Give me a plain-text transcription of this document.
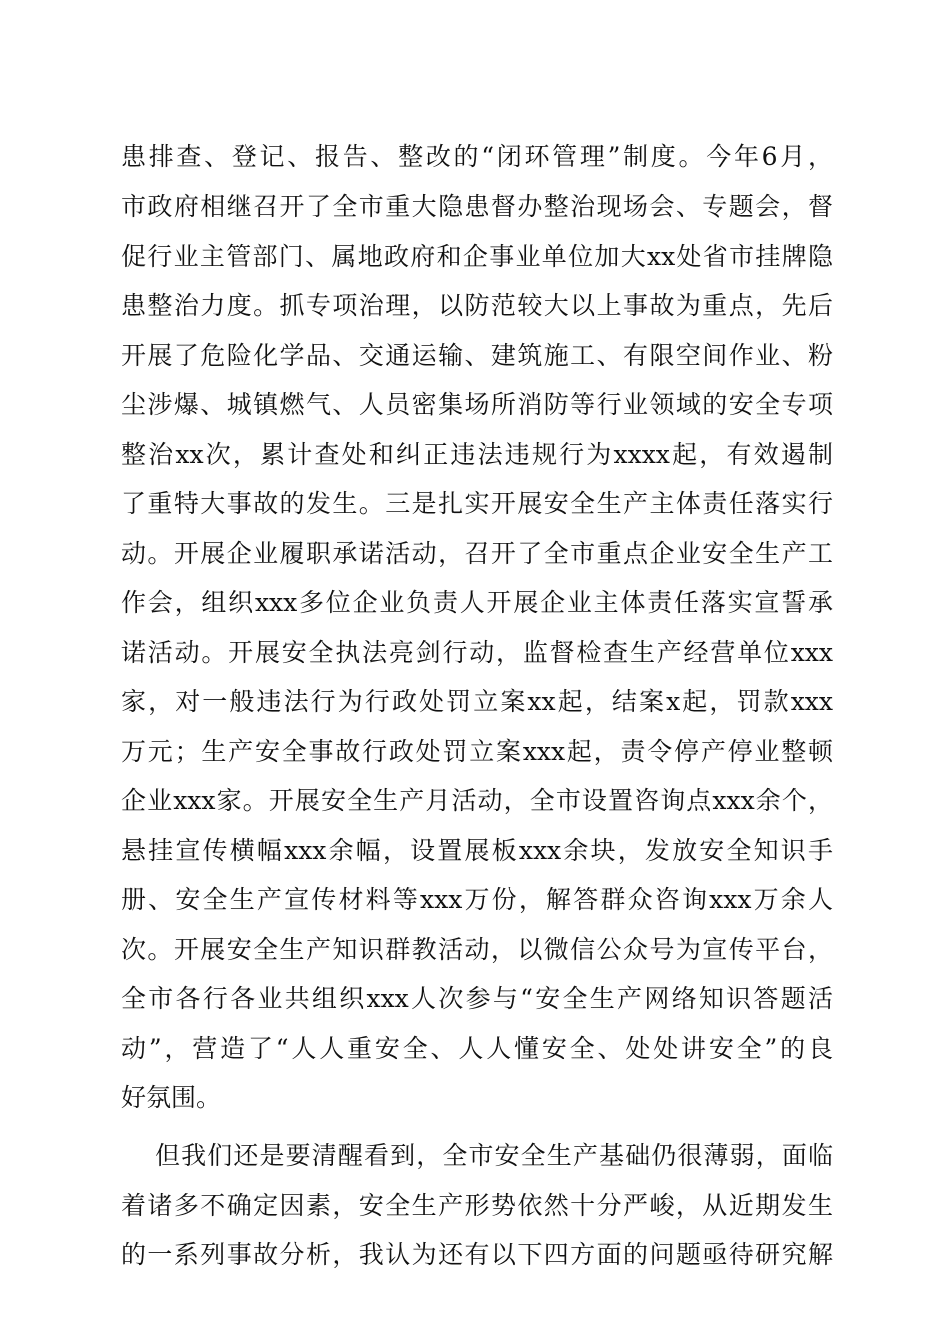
患排查、登记、报告、整改的“闭环管理”制度。今年6月，
市政府相继召开了全市重大隐患督办整治现场会、专题会，督
促行业主管部门、属地政府和企事业单位加大xx处省市挂牌隐
患整治力度。抓专项治理，以防范较大以上事故为重点，先后
开展了危险化学品、交通运输、建筑施工、有限空间作业、粉
尘涉爆、城镇燃气、人员密集场所消防等行业领域的安全专项
整治xx次，累计查处和纠正违法违规行为xxxx起，有效遏制
了重特大事故的发生。三是扎实开展安全生产主体责任落实行
动。开展企业履职承诺活动，召开了全市重点企业安全生产工
作会，组织xxx多位企业负责人开展企业主体责任落实宣誓承
诺活动。开展安全执法亮剑行动，监督检查生产经营单位xxx
家，对一般违法行为行政处罚立案xx起，结案x起，罚款xxx
万元；生产安全事故行政处罚立案xxx起，责令停产停业整顿
企业xxx家。开展安全生产月活动，全市设置咨询点xxx余个，
悬挂宣传横幅xxx余幅，设置展板xxx余块，发放安全知识手
册、安全生产宣传材料等xxx万份，解答群众咨询xxx万余人
次。开展安全生产知识群教活动，以微信公众号为宣传平台，
全市各行各业共组织xxx人次参与“安全生产网络知识答题活
动”，营造了“人人重安全、人人懂安全、处处讲安全”的良
好氛围。
但我们还是要清醒看到，全市安全生产基础仍很薄弱，面临
着诸多不确定因素，安全生产形势依然十分严峻，从近期发生
的一系列事故分析，我认为还有以下四方面的问题亟待研究解
